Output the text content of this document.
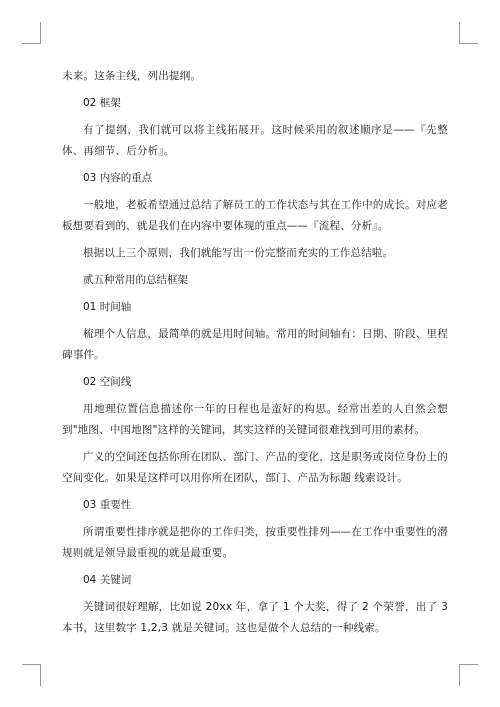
未来。这条主线，列出提纲。

02 框架

有了提纲，我们就可以将主线拓展开。这时候采用的叙述顺序是——『先整体、再细节、后分析』。

03 内容的重点

一般地，老板希望通过总结了解员工的工作状态与其在工作中的成长。对应老板想要看到的，就是我们在内容中要体现的重点——『流程、分析』。

根据以上三个原则，我们就能写出一份完整而充实的工作总结啦。

贰五种常用的总结框架

01 时间轴

梳理个人信息，最简单的就是用时间轴。常用的时间轴有：日期、阶段、里程碑事件。

02 空间线

用地理位置信息描述你一年的日程也是蛮好的构思。经常出差的人自然会想到"地图、中国地图"这样的关键词，其实这样的关键词很难找到可用的素材。

广义的空间还包括你所在团队、部门、产品的变化，这是职务或岗位身份上的空间变化。如果是这样可以用你所在团队，部门、产品为标题 线索设计。

03 重要性

所谓重要性排序就是把你的工作归类，按重要性排列——在工作中重要性的潜规则就是领导最重视的就是最重要。

04 关键词

关键词很好理解，比如说 20xx 年，拿了 1 个大奖，得了 2 个荣誉，出了 3 本书，这里数字 1,2,3 就是关键词。这也是做个人总结的一种线索。
